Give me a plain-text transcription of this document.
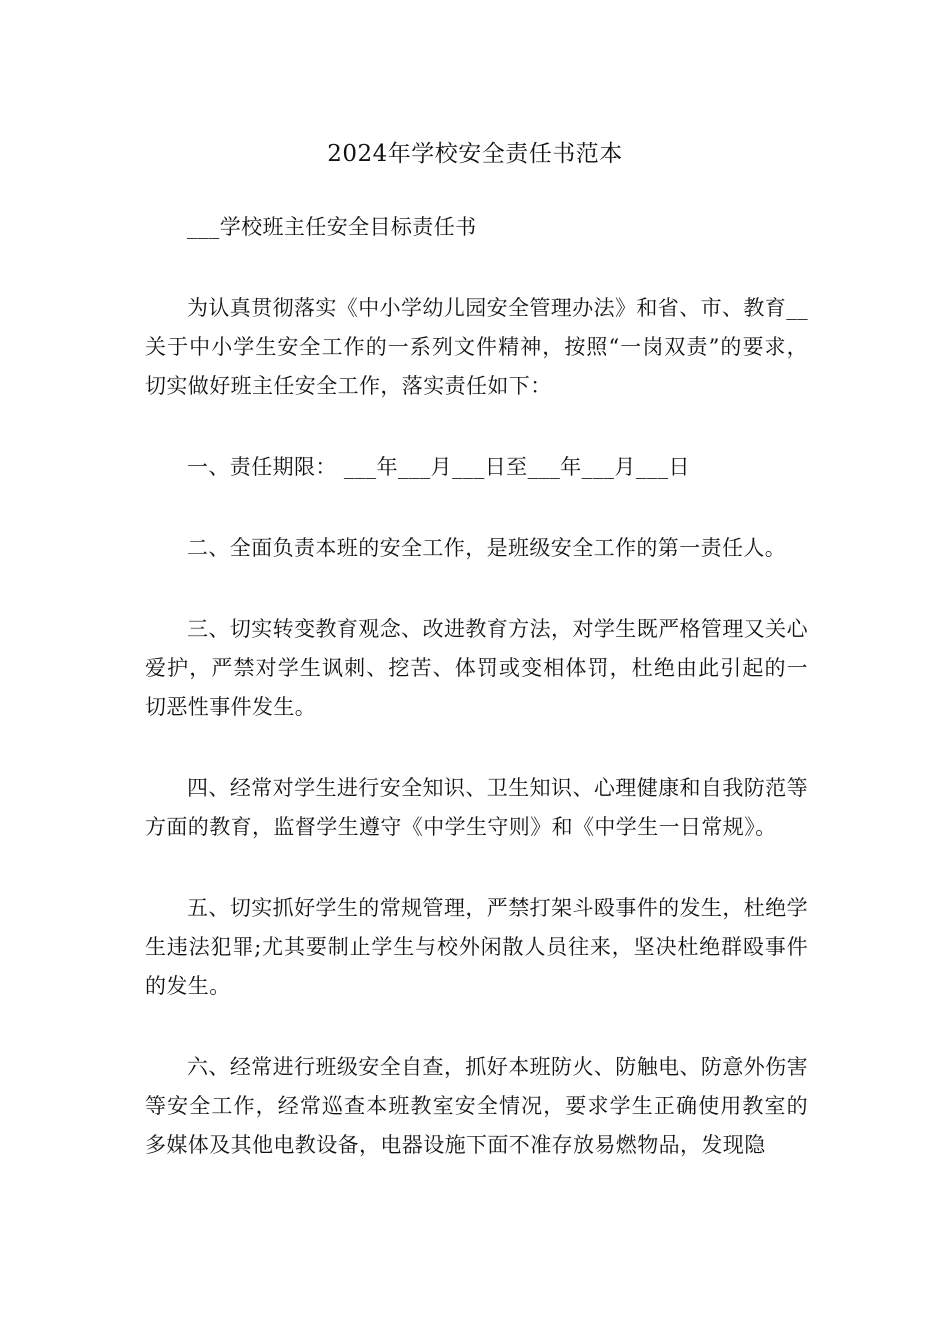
2024年学校安全责任书范本

___学校班主任安全目标责任书

为认真贯彻落实《中小学幼儿园安全管理办法》和省、市、教育__关于中小学生安全工作的一系列文件精神，按照“一岗双责”的要求，切实做好班主任安全工作，落实责任如下：

一、责任期限： ___年___月___日至___年___月___日

二、全面负责本班的安全工作，是班级安全工作的第一责任人。

三、切实转变教育观念、改进教育方法，对学生既严格管理又关心爱护，严禁对学生讽刺、挖苦、体罚或变相体罚，杜绝由此引起的一切恶性事件发生。

四、经常对学生进行安全知识、卫生知识、心理健康和自我防范等方面的教育，监督学生遵守《中学生守则》和《中学生一日常规》。

五、切实抓好学生的常规管理，严禁打架斗殴事件的发生，杜绝学生违法犯罪;尤其要制止学生与校外闲散人员往来，坚决杜绝群殴事件的发生。

六、经常进行班级安全自查，抓好本班防火、防触电、防意外伤害等安全工作，经常巡查本班教室安全情况，要求学生正确使用教室的多媒体及其他电教设备，电器设施下面不准存放易燃物品，发现隐
